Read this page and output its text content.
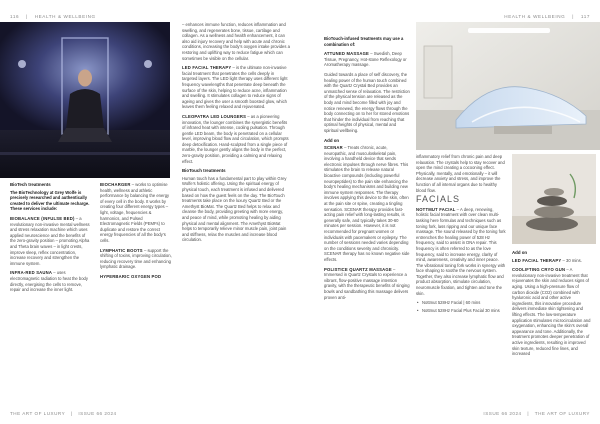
116 | HEALTH & WELLBEING
BioTech treatments

The BioTechnology at Grey Wolfe is precisely researched and authentically created to deliver the ultimate recharge. These services include:

BIOBALANCE (INFULSE BED) – a revolutionary non-invasive mental wellness and stress relaxation machine which uses applied neuroscience and the benefits of the zero-gravity position – promoting Alpha and Theta brain waves – in light crests, improve sleep, reflex concentration, increase recovery and strengthen the immune system.

INFRA-RED SAUNA – uses electromagnetic radiation to heat the body directly, energising the cells to remove, repair and increase the inner light.

BIOCHARGER – works to optimise health, wellness and athletic performance by balancing the energy of every cell in the body. It works by creating four different energy types – light, voltage, frequencies & harmonics, and Pulsed Electromagnetic Fields (PEMFs) to duplicate and restore the correct energy frequencies of all the body’s cells.

LYMPHATIC BOOTS – support the shifting of toxins, improving circulation, reducing recovery time and enhancing lymphatic drainage.

HYPERBARIC OXYGEN POD

– enhances immune function, reduces inflammation and swelling, and regenerates bone, tissue, cartilage and collagen. As a wellness and health enhancement, it can also aid injury recovery and help with acute and chronic conditions, increasing the body’s oxygen intake provides a restoring and uplifting way to reduce fatigue which can sometimes be visible on the cellular.

LED FACIAL THERAPY – is the ultimate non-invasive facial treatment that penetrates the cells deeply in targeted layers. The LED light therapy uses different light frequency wavelengths that penetrate deep beneath the surface of the skin, helping to reduce acne, inflammation and swelling. It stimulates collagen to reduce signs of ageing and gives the user a smooth boosted glow, which leaves them feeling relaxed and rejuvenated.

CLEOPATRA LED LOUNGERS – as a pioneering innovation, the lounger combines the synergistic benefits of infrared heat with intense, cooling pulsation. Through gentle LED beam, the body is penetrated on a cellular level, improving blood flow and circulation, which prompts deep detoxification. Hand-sculpted from a single piece of marble, the lounger gently aligns the body in the perfect, zero-gravity position, providing a calming and relaxing effect.

BioTouch treatments

Human touch has a fundamental part to play within Grey Wolfe’s holistic offering. Using the spiritual energy of physical touch, each treatment is infused and delivered based on how the guest feels on the day. The BioTouch treatments take place on the luxury Quartz Bed or the Amethyst BioMat. The Quartz Bed helps to relax and cleanse the body, providing greeting with more energy, and peace of mind, while promoting healing by aiding physical and mental alignment. The Amethyst BioMat helps to temporarily relieve minor muscle pain, joint pain and stiffness, relax the muscles and increase blood circulation.

THE ART OF LUXURY | ISSUE 66 2024
HEALTH & WELLBEING | 117

BioTouch-infused treatments may use a combination of:

ATTUNED MASSAGE – Swedish, Deep Tissue, Pregnancy, Hot-stone Reflexology or Aromatherapy massage.

Guided towards a place of self discovery, the healing power of the human touch combined with the Quartz Crystal Bed provides an unmatched sense of relaxation. The restriction of the physical tension are released as the body and mind become filled with joy and notice renewed, the energy flows through the body connecting on to her for stored emotions that hinder the individual from reaching that optimal heights of physical, mental and spiritual wellbeing.

Add on

SCENAR – Treats chronic, acute, neuropathic, and musculoskeletal pain, involving a handheld device that sends electronic impulses through nerve fibres. This stimulates the brain to release natural bioactive compounds (including powerful neuropeptides) to the pain site enhancing the body’s healing mechanisms and building new immune system responses. The therapy involves applying this device to the skin, often at the pain site or spine, creating a tingling sensation. SCENAR therapy provides fast-acting pain relief with long-lasting results, is generally safe, and typically takes 30-60 minutes per session. However, it is not recommended for pregnant women or individuals with pacemakers or epilepsy. The number of sessions needed varies depending on the conditions severity and chronicity. SCENAR therapy has no known negative side effects.

POLISTICE QUARTZ MASSAGE – Immersed in Quartz Crystals to experience a vibrant, flow-positive massage intention gravity, with the therapeutic benefits of singing bowls and sandbathing this massage delivers proven anti-

inflammatory relief from chronic pain and deep relaxation. The crystals help to stay recover and open the mind creating a cocooning effect. Physically, mentally, and emotionally – it will decrease anxiety and stress, and improve the function of all internal organs due to healthy blood flow.

FACIALS

NOTTMUT FACIAL – A deep, renewing, holistic facial treatment with over clean multi-tasking here formulas and techniques such as toning fork, lass ripping and our unique face massage. The sound released by the toning fork entrenches the healing power of 528 Hz frequency, said to assist in DNA repair. This frequency is often referred to as the love frequency, said to increase energy, clarity of mind, awareness, creativity and inner peace. The vibrational toning fork works in synergy with face shaping to soothe the nervous system. Together, they also increase lymphatic flow and product absorption, stimulate circulation, neuromuscle fixation, and tighten and tone the skin.

• Nottmut 528Hz Facial | 60 mins
• Nottmut 528Hz Facial Plus Facial 30 mins
Add on

LED FACIAL THERAPY – 30 mins.

COOLIFTING CRYO GUN – A revolutionary non-invasive treatment that rejuvenates the skin and reduces signs of aging. Using a high-pressure flow of carbon dioxide (CO2) combined with hyaluronic acid and other active ingredients, this innovative procedure delivers immediate skin tightening and lifting effects. The low-temperature application stimulates microcirculation and oxygenation, enhancing the skin’s overall appearance and tone. Additionally, the treatment promotes deeper penetration of active ingredients, resulting in improved skin texture, reduced fine lines, and increased

ISSUE 66 2024 | THE ART OF LUXURY
